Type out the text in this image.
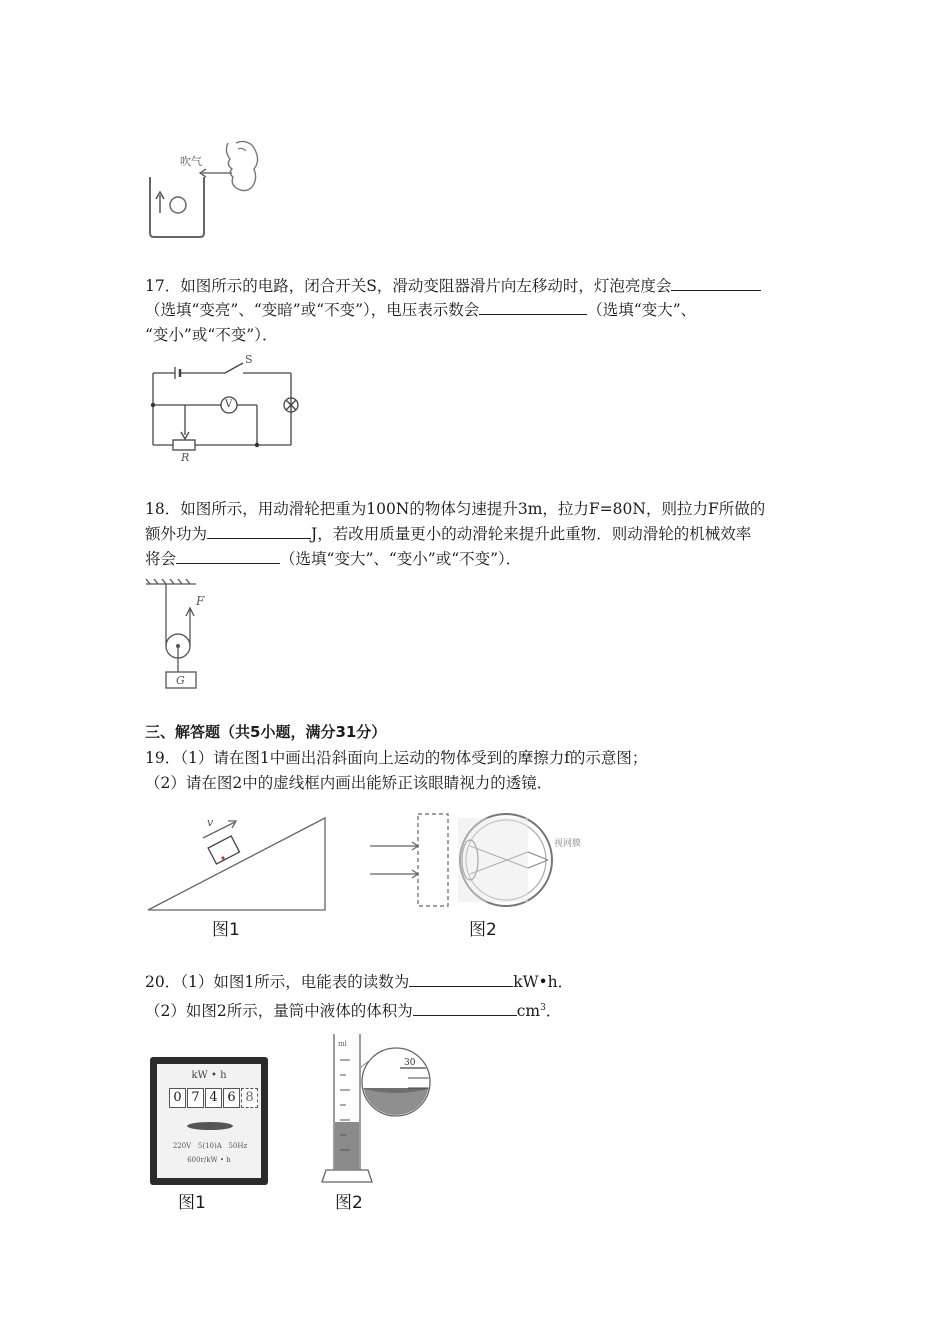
吹气
17．如图所示的电路，闭合开关S，滑动变阻器滑片向左移动时，灯泡亮度会
（选填“变亮”、“变暗”或“不变”），电压表示数会	（选填“变大”、
“变小”或“不变”）．
S
V
R
18．如图所示，用动滑轮把重为100N的物体匀速提升3m，拉力F=80N，则拉力F所做的
额外功为	J，若改用质量更小的动滑轮来提升此重物．则动滑轮的机械效率
将会	（选填“变大”、“变小”或“不变”）．
F
G
三、解答题（共5小题，满分31分）
19．（1）请在图1中画出沿斜面向上运动的物体受到的摩擦力f的示意图；
（2）请在图2中的虚线框内画出能矫正该眼睛视力的透镜．
v
图1
视网膜
图2
20．（1）如图1所示，电能表的读数为	kW•h．
（2）如图2所示，量筒中液体的体积为	$cm^3$．
kW • h
0 7 4 6 8
220V   5(10)A   50Hz
600r/kW • h
图1
ml
30
图2
